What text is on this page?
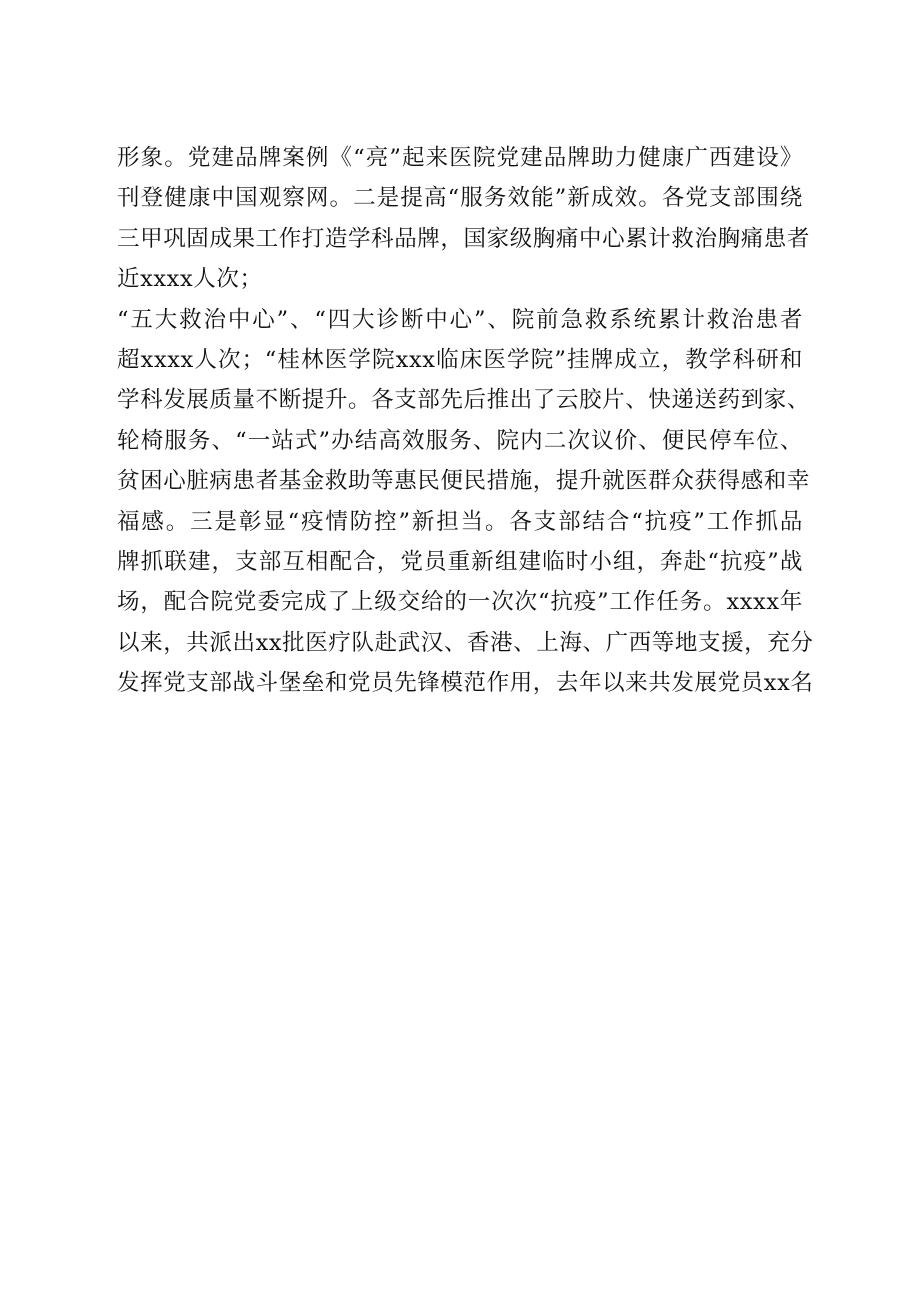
形象。党建品牌案例《“亮”起来医院党建品牌助力健康广西建设》
刊登健康中国观察网。二是提高“服务效能”新成效。各党支部围绕
三甲巩固成果工作打造学科品牌，国家级胸痛中心累计救治胸痛患者
近xxxx人次；
“五大救治中心”、“四大诊断中心”、院前急救系统累计救治患者
超xxxx人次；“桂林医学院xxx临床医学院”挂牌成立，教学科研和
学科发展质量不断提升。各支部先后推出了云胶片、快递送药到家、
轮椅服务、“一站式”办结高效服务、院内二次议价、便民停车位、
贫困心脏病患者基金救助等惠民便民措施，提升就医群众获得感和幸
福感。三是彰显“疫情防控”新担当。各支部结合“抗疫”工作抓品
牌抓联建，支部互相配合，党员重新组建临时小组，奔赴“抗疫”战
场，配合院党委完成了上级交给的一次次“抗疫”工作任务。xxxx年
以来，共派出xx批医疗队赴武汉、香港、上海、广西等地支援，充分
发挥党支部战斗堡垒和党员先锋模范作用，去年以来共发展党员xx名
